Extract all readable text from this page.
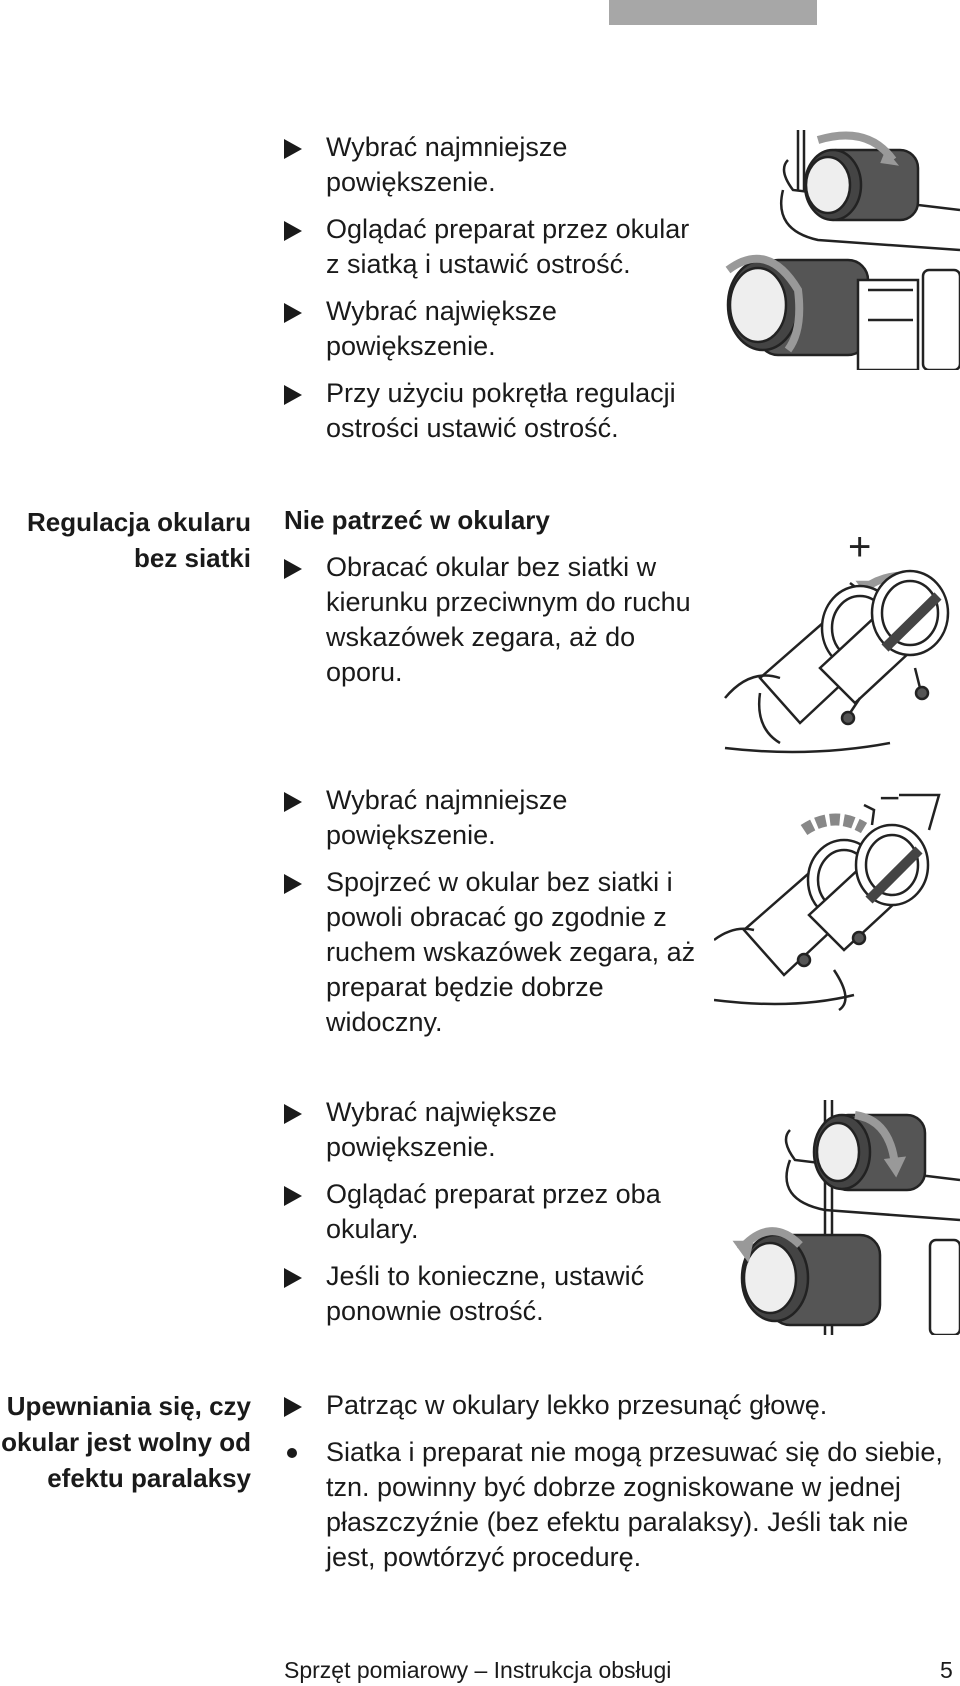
Wybrać najmniejsze powiększenie.
Oglądać preparat przez okular z siatką i ustawić ostrość.
Wybrać największe powiększenie.
Przy użyciu pokrętła regulacji ostrości ustawić ostrość.
Regulacja okularu bez siatki
Nie patrzeć w okulary
Obracać okular bez siatki w kierunku przeciwnym do ruchu wskazówek zegara, aż do oporu.
+
Wybrać najmniejsze powiększenie.
Spojrzeć w okular bez siatki i powoli obracać go zgodnie z ruchem wskazówek zegara, aż preparat będzie dobrze widoczny.
−
Wybrać największe powiększenie.
Oglądać preparat przez oba okulary.
Jeśli to konieczne, ustawić ponownie ostrość.
Upewniania się, czy okular jest wolny od efektu paralaksy
Patrząc w okulary lekko przesunąć głowę.
Siatka i preparat nie mogą przesuwać się do siebie, tzn. powinny być dobrze zogniskowane w jednej płaszczyźnie (bez efektu paralaksy). Jeśli tak nie jest, powtórzyć procedurę.
Sprzęt pomiarowy – Instrukcja obsługi	5
